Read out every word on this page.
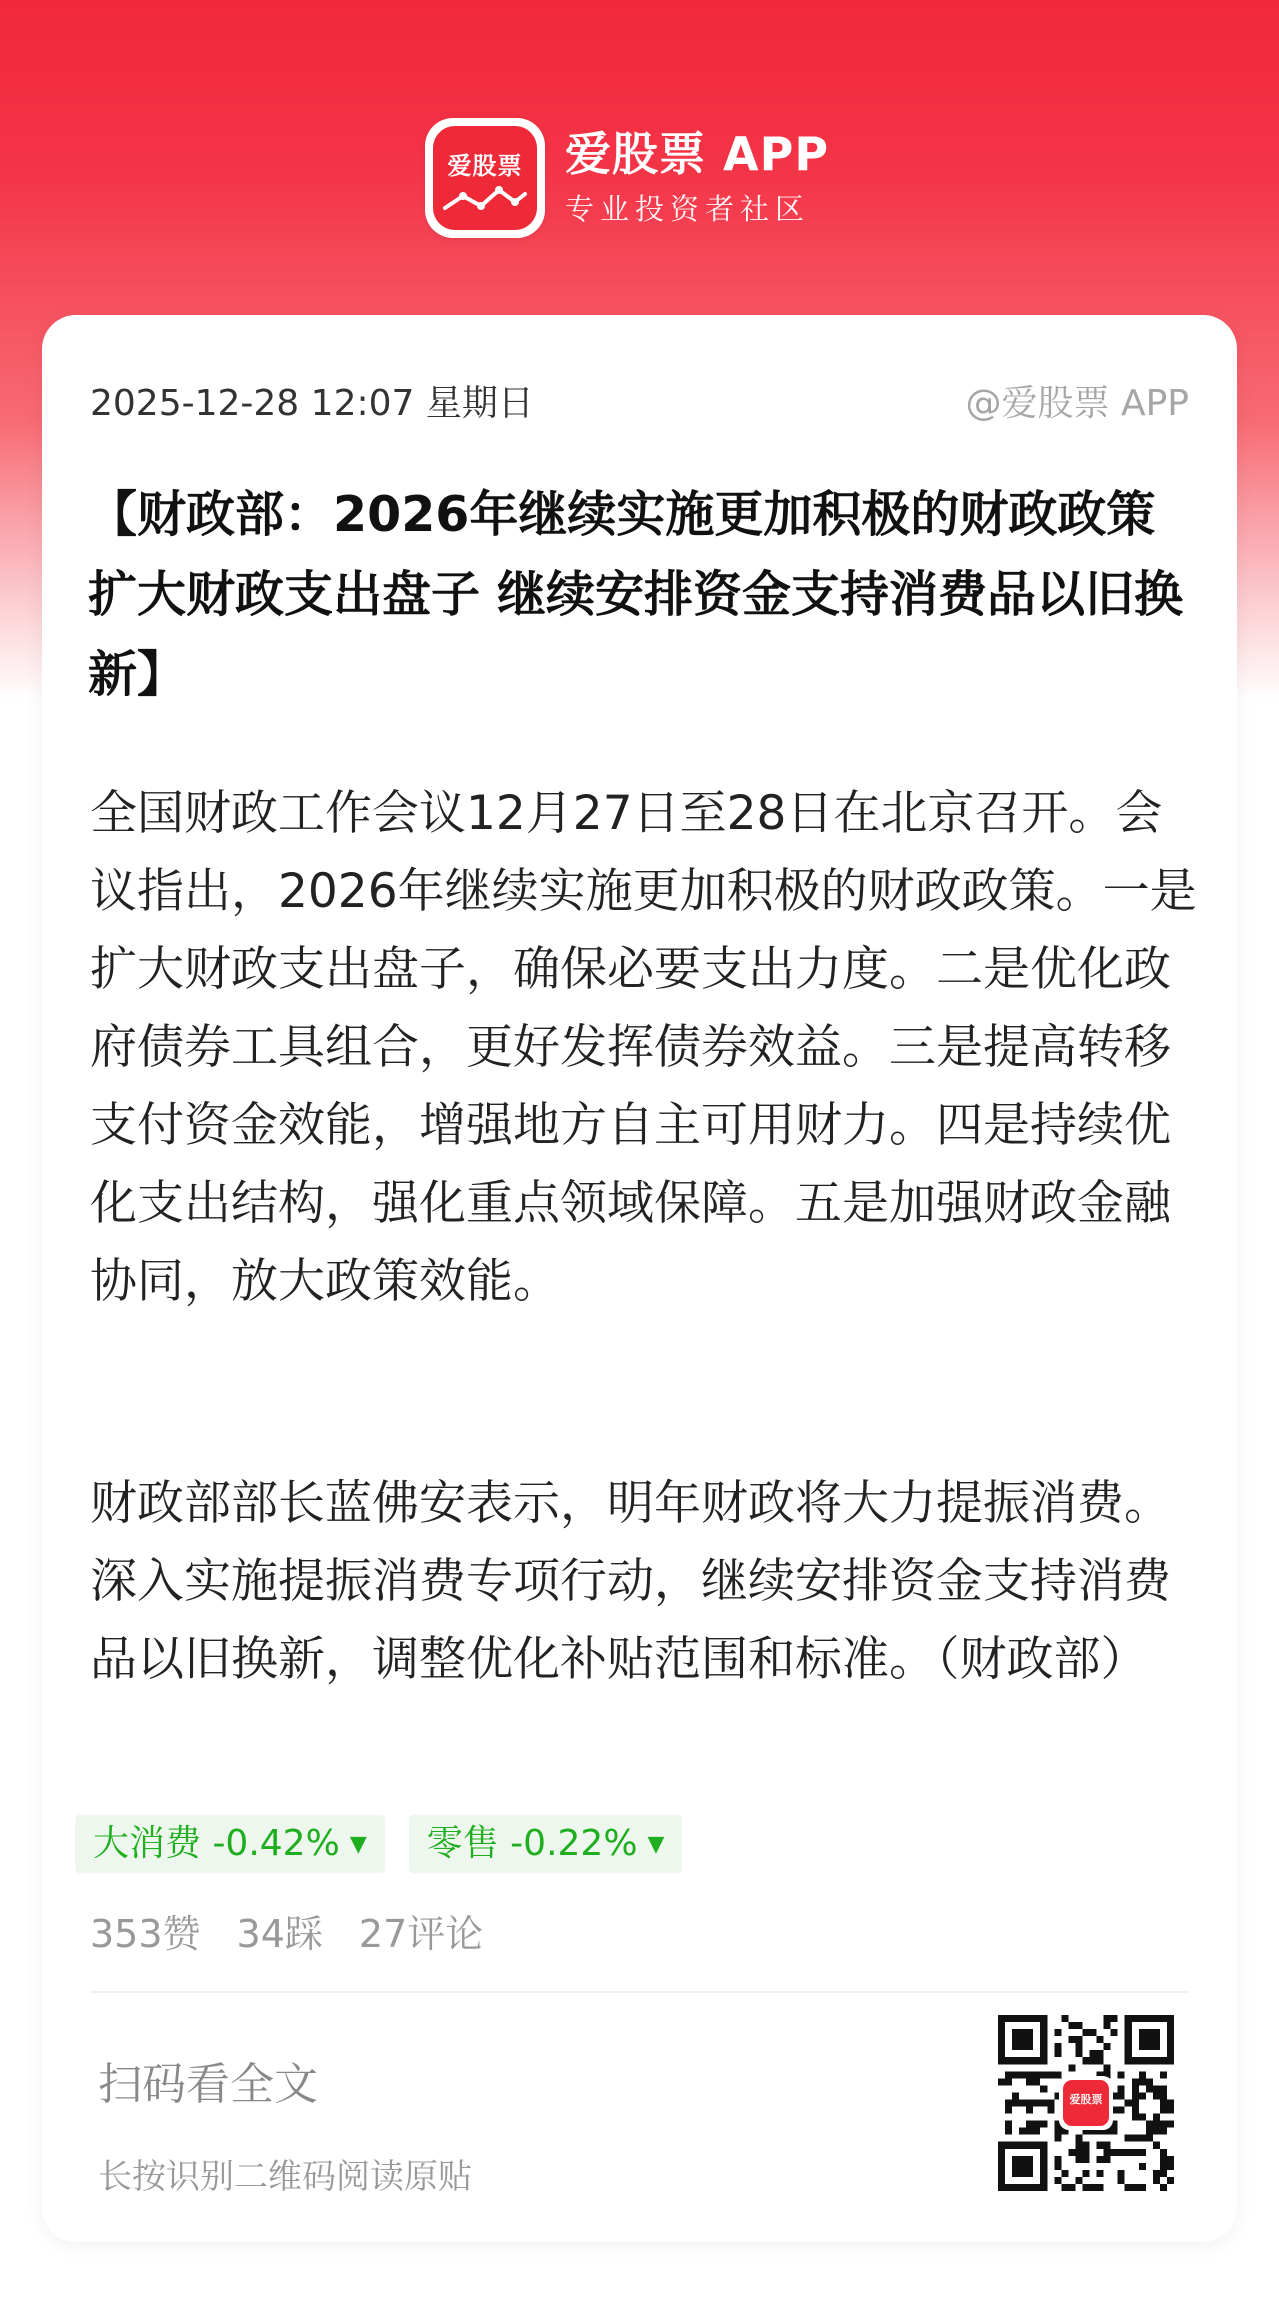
爱股票 爱股票 APP
专业投资者社区
2025-12-28 12:07 星期日	@爱股票 APP
【财政部：2026年继续实施更加积极的财政政策 扩大财政支出盘子 继续安排资金支持消费品以旧换新】

全国财政工作会议12月27日至28日在北京召开。会议指出，2026年继续实施更加积极的财政政策。一是扩大财政支出盘子，确保必要支出力度。二是优化政府债券工具组合，更好发挥债券效益。三是提高转移支付资金效能，增强地方自主可用财力。四是持续优化支出结构，强化重点领域保障。五是加强财政金融协同，放大政策效能。

财政部部长蓝佛安表示，明年财政将大力提振消费。深入实施提振消费专项行动，继续安排资金支持消费品以旧换新，调整优化补贴范围和标准。（财政部）

大消费 -0.42% ▼	零售 -0.22% ▼
353赞 34踩 27评论
扫码看全文
长按识别二维码阅读原贴
爱股票
